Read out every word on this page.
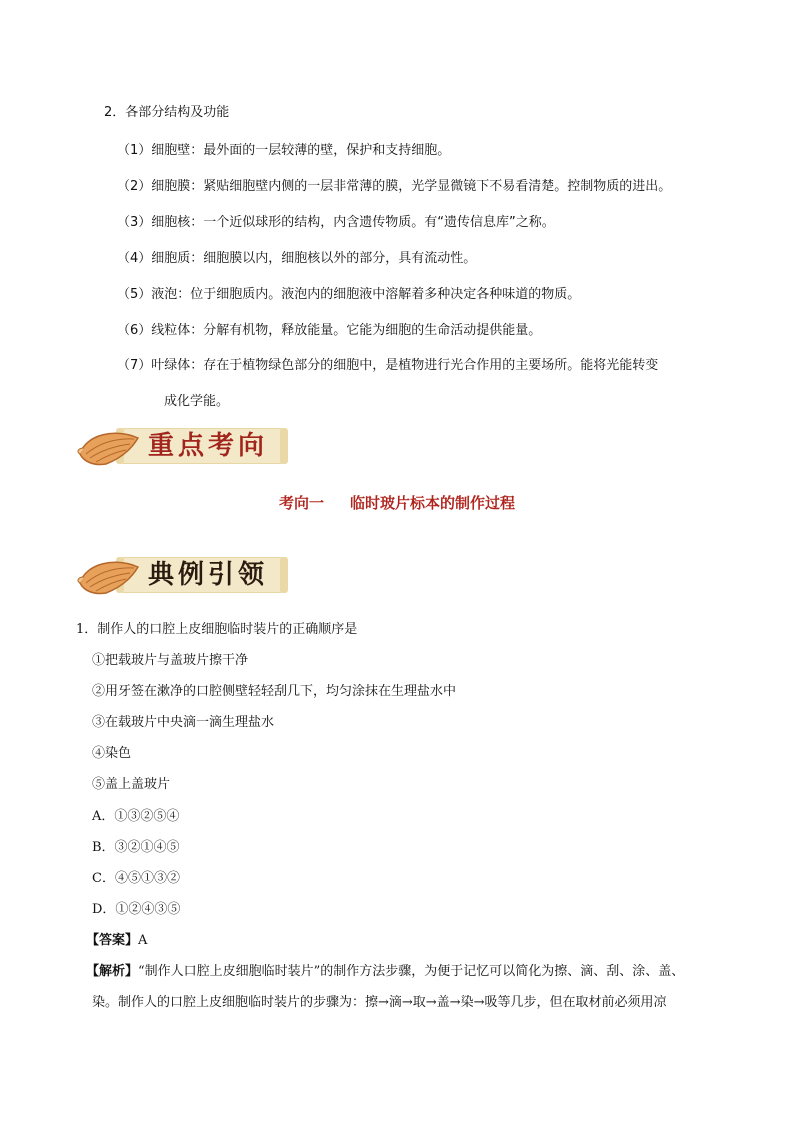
2．各部分结构及功能
（1）细胞壁：最外面的一层较薄的壁，保护和支持细胞。
（2）细胞膜：紧贴细胞壁内侧的一层非常薄的膜，光学显微镜下不易看清楚。控制物质的进出。
（3）细胞核：一个近似球形的结构，内含遗传物质。有“遗传信息库”之称。
（4）细胞质：细胞膜以内，细胞核以外的部分，具有流动性。
（5）液泡：位于细胞质内。液泡内的细胞液中溶解着多种决定各种味道的物质。
（6）线粒体：分解有机物，释放能量。它能为细胞的生命活动提供能量。
（7）叶绿体：存在于植物绿色部分的细胞中，是植物进行光合作用的主要场所。能将光能转变
成化学能。
重点考向
考向一 临时玻片标本的制作过程
典例引领
1．制作人的口腔上皮细胞临时装片的正确顺序是
①把载玻片与盖玻片擦干净
②用牙签在漱净的口腔侧壁轻轻刮几下，均匀涂抹在生理盐水中
③在载玻片中央滴一滴生理盐水
④染色
⑤盖上盖玻片
A．①③②⑤④
B．③②①④⑤
C．④⑤①③②
D．①②④③⑤
【答案】A
【解析】“制作人口腔上皮细胞临时装片”的制作方法步骤，为便于记忆可以简化为擦、滴、刮、涂、盖、
染。制作人的口腔上皮细胞临时装片的步骤为：擦→滴→取→盖→染→吸等几步，但在取材前必须用凉
